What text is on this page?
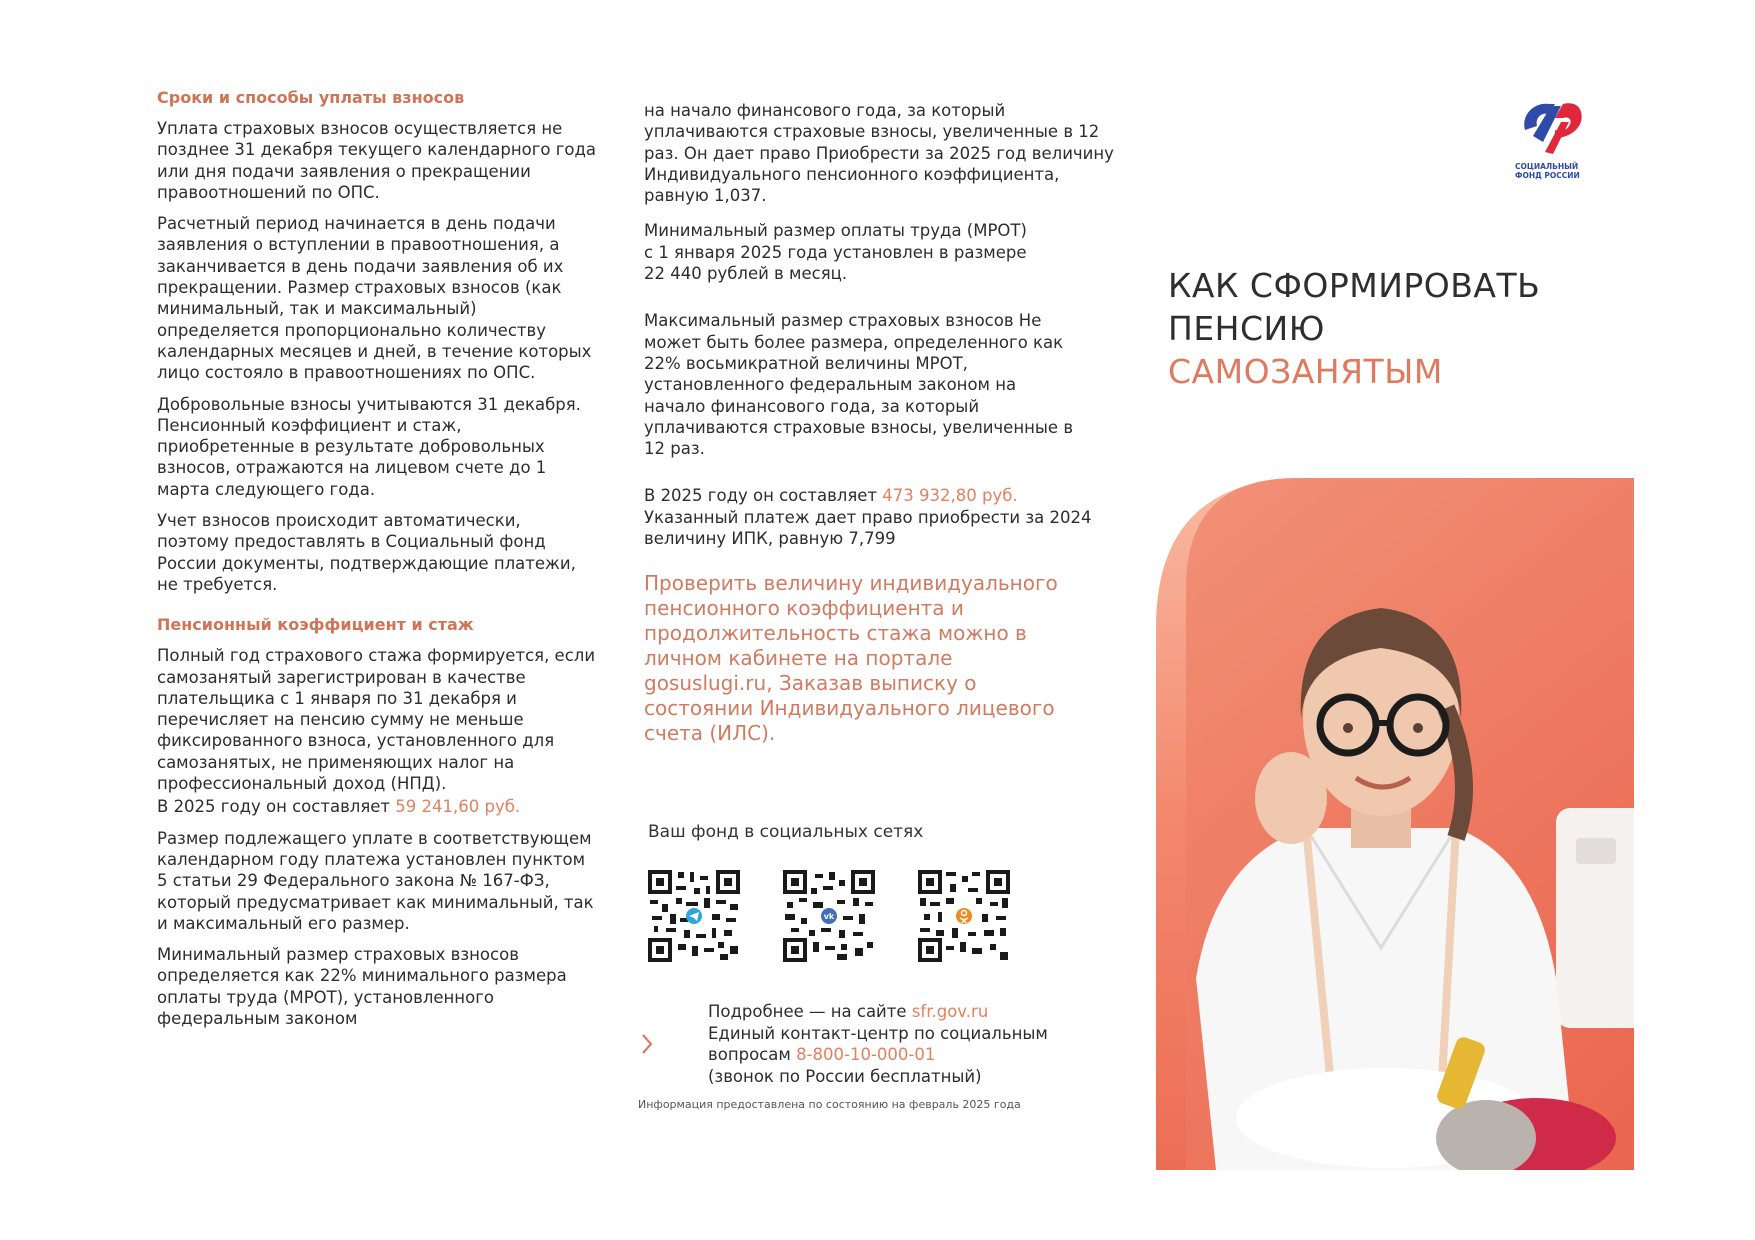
Сроки и способы уплаты взносов

Уплата страховых взносов осуществляется не позднее 31 декабря текущего календарного года или дня подачи заявления о прекращении правоотношений по ОПС.

Расчетный период начинается в день подачи заявления о вступлении в правоотношения, а заканчивается в день подачи заявления об их прекращении. Размер страховых взносов (как минимальный, так и максимальный) определяется пропорционально количеству календарных месяцев и дней, в течение которых лицо состояло в правоотношениях по ОПС.

Добровольные взносы учитываются 31 декабря. Пенсионный коэффициент и стаж, приобретенные в результате добровольных взносов, отражаются на лицевом счете до 1 марта следующего года.

Учет взносов происходит автоматически, поэтому предоставлять в Социальный фонд России документы, подтверждающие платежи, не требуется.

Пенсионный коэффициент и стаж

Полный год страхового стажа формируется, если самозанятый зарегистрирован в качестве плательщика с 1 января по 31 декабря и перечисляет на пенсию сумму не меньше фиксированного взноса, установленного для самозанятых, не применяющих налог на профессиональный доход (НПД).

В 2025 году он составляет 59 241,60 руб.

Размер подлежащего уплате в соответствующем календарном году платежа установлен пунктом 5 статьи 29 Федерального закона № 167-ФЗ, который предусматривает как минимальный, так и максимальный его размер.

Минимальный размер страховых взносов определяется как 22% минимального размера оплаты труда (МРОТ), установленного федеральным законом

на начало финансового года, за который уплачиваются страховые взносы, увеличенные в 12 раз. Он дает право Приобрести за 2025 год величину Индивидуального пенсионного коэффициента, равную 1,037.

Минимальный размер оплаты труда (МРОТ) с 1 января 2025 года установлен в размере 22 440 рублей в месяц.

Максимальный размер страховых взносов Не может быть более размера, определенного как 22% восьмикратной величины МРОТ, установленного федеральным законом на начало финансового года, за который уплачиваются страховые взносы, увеличенные в 12 раз.

В 2025 году он составляет 473 932,80 руб.
Указанный платеж дает право приобрести за 2024 величину ИПК, равную 7,799

Проверить величину индивидуального пенсионного коэффициента и продолжительность стажа можно в личном кабинете на портале gosuslugi.ru, Заказав выписку о состоянии Индивидуального лицевого счета (ИЛС).
Ваш фонд в социальных сетях
vk
Подробнее — на сайте sfr.gov.ru
Единый контакт-центр по социальным вопросам 8-800-10-000-01
(звонок по России бесплатный)
Информация предоставлена по состоянию на февраль 2025 года
СОЦИАЛЬНЫЙ
ФОНД РОССИИ
КАК СФОРМИРОВАТЬ
ПЕНСИЮ
САМОЗАНЯТЫМ
